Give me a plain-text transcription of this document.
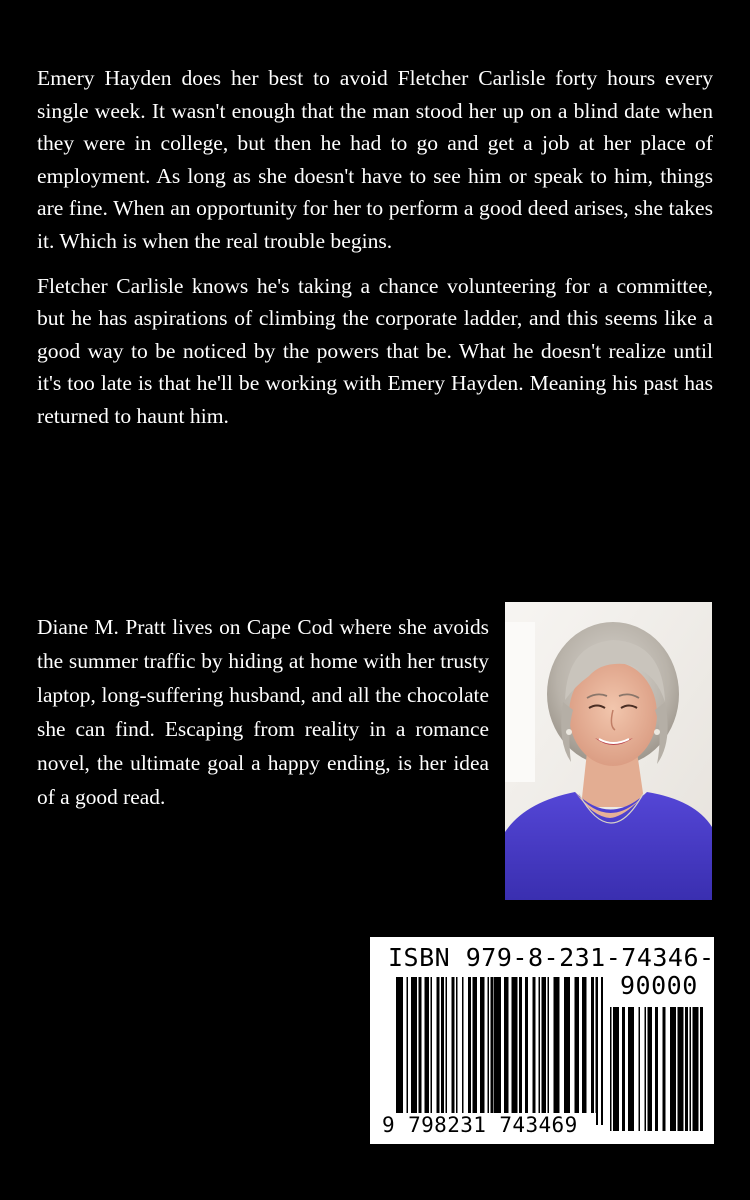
Emery Hayden does her best to avoid Fletcher Carlisle forty hours every single week. It wasn't enough that the man stood her up on a blind date when they were in college, but then he had to go and get a job at her place of employment. As long as she doesn't have to see him or speak to him, things are fine. When an opportunity for her to perform a good deed arises, she takes it. Which is when the real trouble begins.

Fletcher Carlisle knows he's taking a chance volunteering for a committee, but he has aspirations of climbing the corporate ladder, and this seems like a good way to be noticed by the powers that be. What he doesn't realize until it's too late is that he'll be working with Emery Hayden. Meaning his past has returned to haunt him.

Diane M. Pratt lives on Cape Cod where she avoids the summer traffic by hiding at home with her trusty laptop, long-suffering husband, and all the chocolate she can find. Escaping from reality in a romance novel, the ultimate goal a happy ending, is her idea of a good read.

ISBN 979-8-231-74346-9
90000
9 798231 743469
